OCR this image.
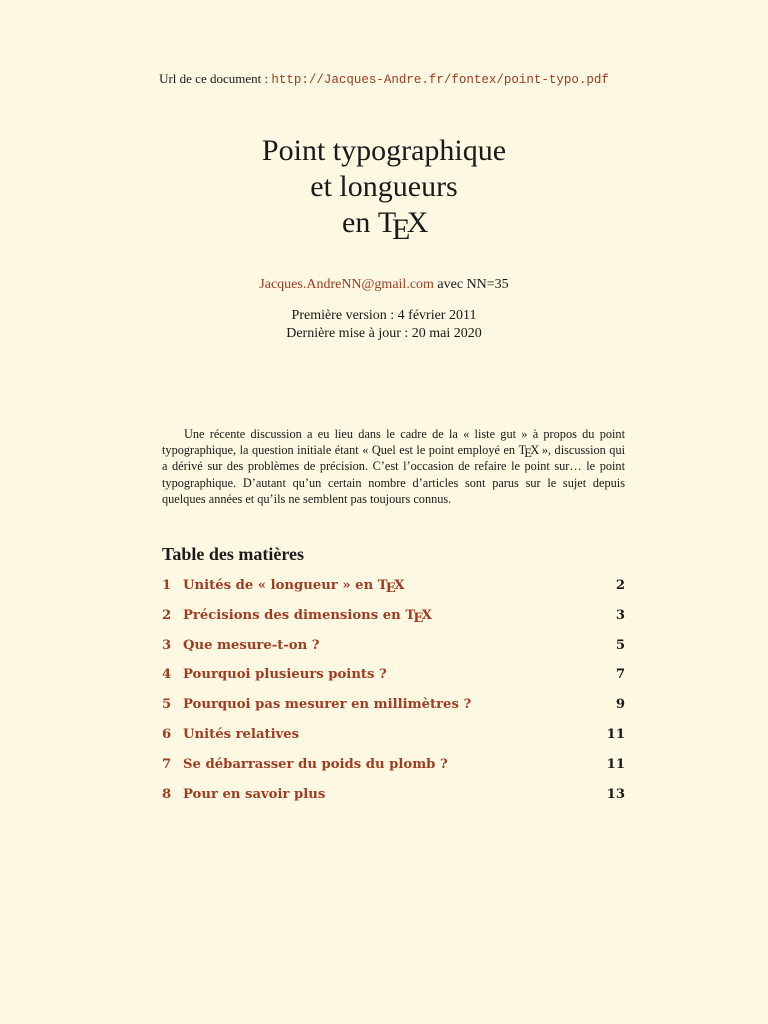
Url de ce document : http://Jacques-Andre.fr/fontex/point-typo.pdf
Point typographique
et longueurs
en TEX
Jacques.AndreNN@gmail.com avec NN=35
Première version : 4 février 2011
Dernière mise à jour : 20 mai 2020

Une récente discussion a eu lieu dans le cadre de la « liste gut » à propos du point typographique, la question initiale étant « Quel est le point employé en TEX », discussion qui a dérivé sur des problèmes de précision. C’est l’occasion de refaire le point sur… le point typographique. D’autant qu’un certain nombre d’articles sont parus sur le sujet depuis quelques années et qu’ils ne semblent pas toujours connus.

Table des matières
1 Unités de « longueur » en TEX	2
2 Précisions des dimensions en TEX	3
3 Que mesure-t-on ?	5
4 Pourquoi plusieurs points ?	7
5 Pourquoi pas mesurer en millimètres ?	9
6 Unités relatives	11
7 Se débarrasser du poids du plomb ?	11
8 Pour en savoir plus	13
